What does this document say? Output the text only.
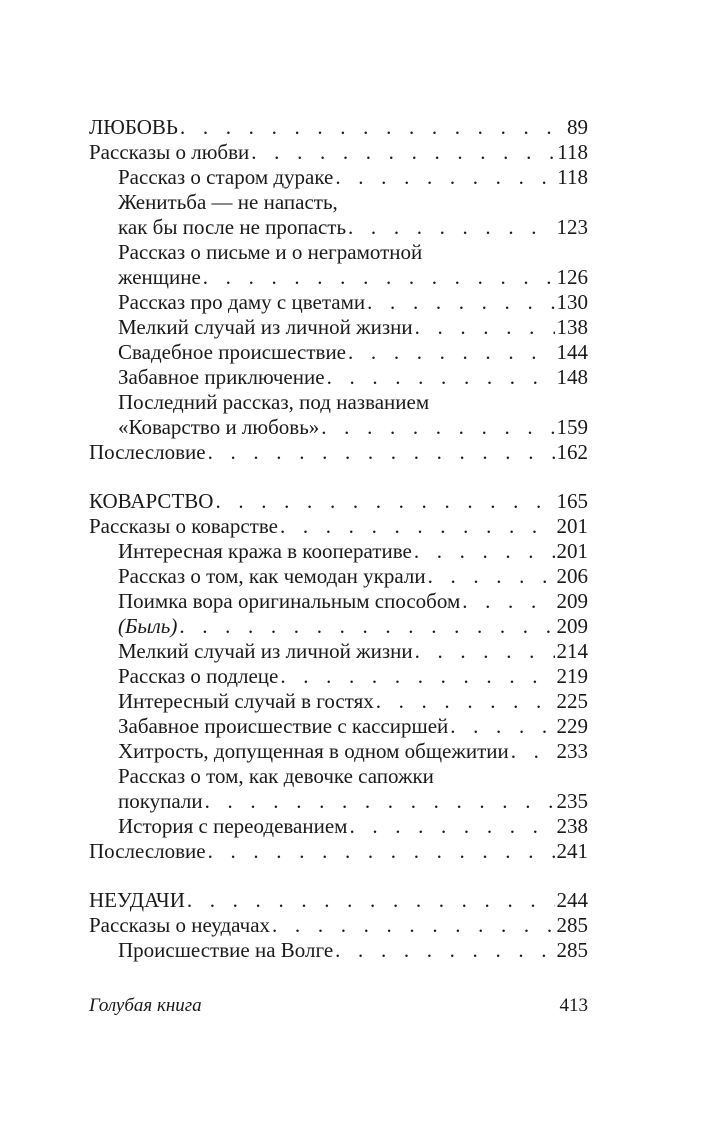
ЛЮБОВЬ . . .	89
Рассказы о любви . . .	118
Рассказ о старом дураке . . .	118
Женитьба — не напасть,
как бы после не пропасть . . .	123
Рассказ о письме и о неграмотной
женщине . . .	126
Рассказ про даму с цветами . . .	130
Мелкий случай из личной жизни . . .	138
Свадебное происшествие . . .	144
Забавное приключение . . .	148
Последний рассказ, под названием
«Коварство и любовь» . . .	159
Послесловие . . .	162
КОВАРСТВО . . .	165
Рассказы о коварстве . . .	201
Интересная кража в кооперативе . . .	201
Рассказ о том, как чемодан украли . . .	206
Поимка вора оригинальным способом . . .	209
(Быль) . . .	209
Мелкий случай из личной жизни . . .	214
Рассказ о подлеце . . .	219
Интересный случай в гостях . . .	225
Забавное происшествие с кассиршей . . .	229
Хитрость, допущенная в одном общежитии . . . 233
Рассказ о том, как девочке сапожки
покупали . . .	235
История с переодеванием . . .	238
Послесловие . . .	241
НЕУДАЧИ . . .	244
Рассказы о неудачах . . .	285
Происшествие на Волге . . .	285
Голубая книга	413
